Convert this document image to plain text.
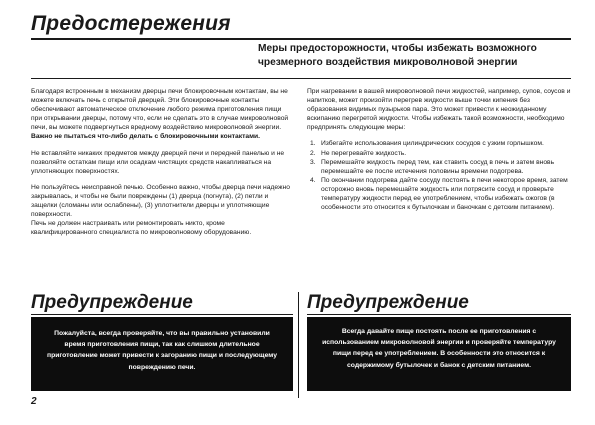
Предостережения
Меры предосторожности, чтобы избежать возможного чрезмерного воздействия микроволновой энергии

Благодаря встроенным в механизм дверцы печи блокировочным контактам, вы не можете включать печь с открытой дверцей. Эти блокировочные контакты обеспечивают автоматическое отключение любого режима приготовления пищи при открывании дверцы, потому что, если не сделать это в случае микроволновой печи, вы можете подвергнуться вредному воздействию микроволновой энергии.

Важно не пытаться что-либо делать с блокировочными контактами.

Не вставляйте никаких предметов между дверцей печи и передней панелью и не позволяйте остаткам пищи или осадкам чистящих средств накапливаться на уплотняющих поверхностях.

Не пользуйтесь неисправной печью. Особенно важно, чтобы дверца печи надежно закрывалась, и чтобы не были повреждены (1) дверца (погнута), (2) петли и защелки (сломаны или ослаблены), (3) уплотнители дверцы и уплотняющие поверхности.

Печь не должен настраивать или ремонтировать никто, кроме квалифицированного специалиста по микроволновому оборудованию.

При нагревании в вашей микроволновой печи жидкостей, например, супов, соусов и напитков, может произойти перегрев жидкости выше точки кипения без образования видимых пузырьков пара. Это может привести к неожиданному вскипанию перегретой жидкости. Чтобы избежать такой возможности, необходимо предпринять следующие меры:

1. Избегайте использования цилиндрических сосудов с узким горлышком.
2. Не перегревайте жидкость.
3. Перемешайте жидкость перед тем, как ставить сосуд в печь и затем вновь перемешайте ее после истечения половины времени подогрева.
4. По окончании подогрева дайте сосуду постоять в печи некоторое время, затем осторожно вновь перемешайте жидкость или потрясите сосуд и проверьте температуру жидкости перед ее употреблением, чтобы избежать ожогов (в особенности это относится к бутылочкам и баночкам с детским питанием).
Предупреждение
Пожалуйста, всегда проверяйте, что вы правильно установили время приготовления пищи, так как слишком длительное приготовление может привести к загоранию пищи и последующему повреждению печи.
Предупреждение
Всегда давайте пище постоять после ее приготовления с использованием микроволновой энергии и проверяйте температуру пищи перед ее употреблением. В особенности это относится к содержимому бутылочек и банок с детским питанием.
2
